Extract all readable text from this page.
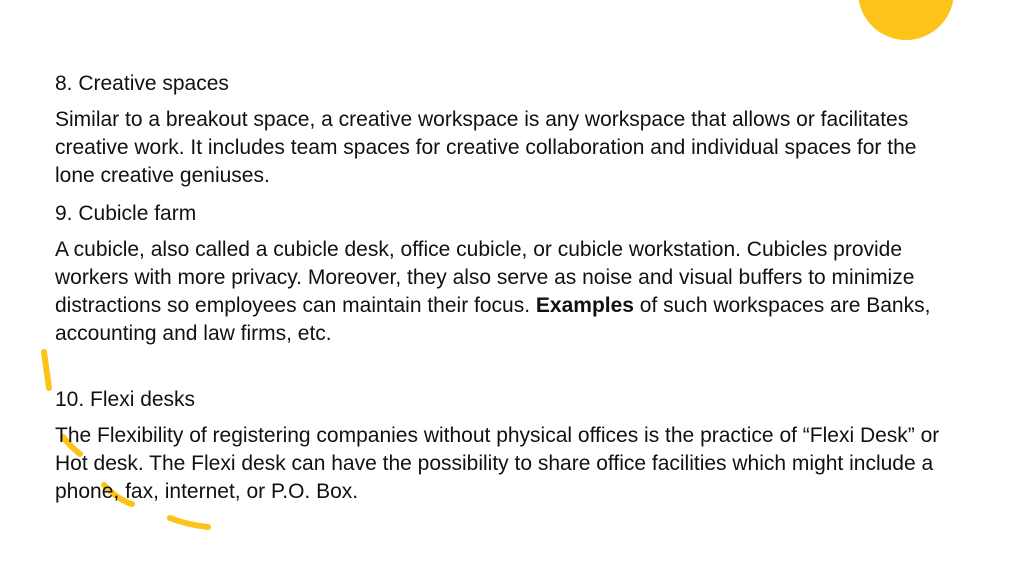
8. Creative spaces

Similar to a breakout space, a creative workspace is any workspace that allows or facilitates creative work. It includes team spaces for creative collaboration and individual spaces for the lone creative geniuses.

9. Cubicle farm

A cubicle, also called a cubicle desk, office cubicle, or cubicle workstation. Cubicles provide workers with more privacy. Moreover, they also serve as noise and visual buffers to minimize distractions so employees can maintain their focus. Examples of such workspaces are Banks, accounting and law firms, etc.

10. Flexi desks

The Flexibility of registering companies without physical offices is the practice of “Flexi Desk” or Hot desk. The Flexi desk can have the possibility to share office facilities which might include a phone, fax, internet, or P.O. Box.
